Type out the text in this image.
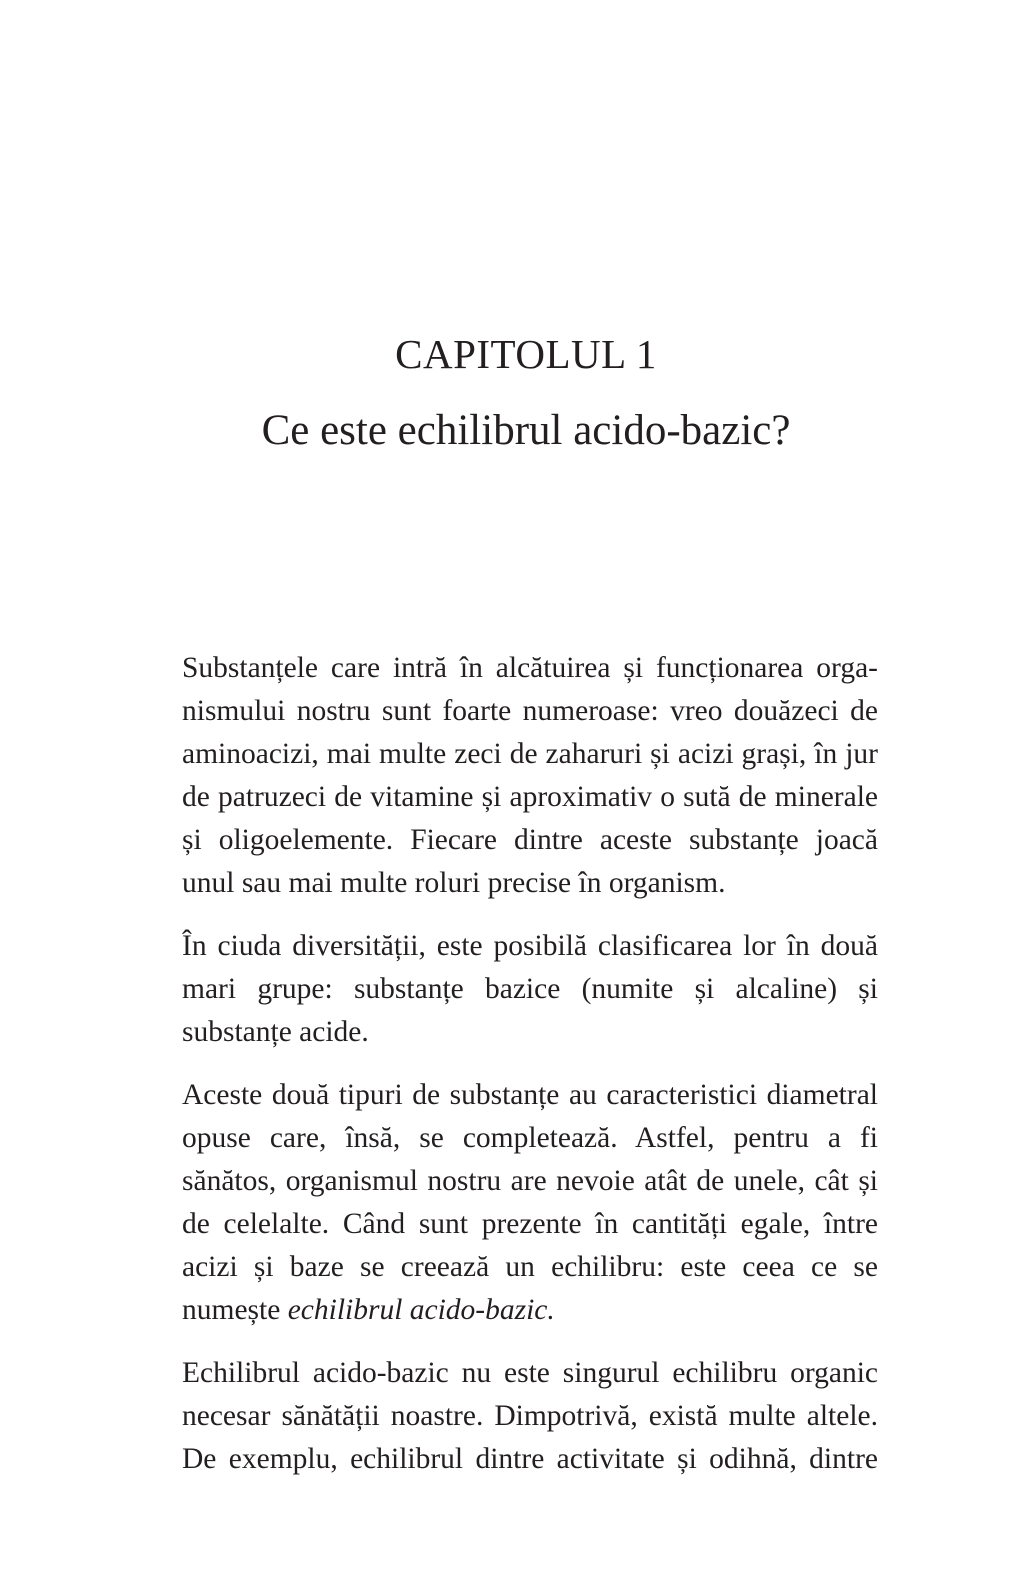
CAPITOLUL 1
Ce este echilibrul acido-bazic?

Substanțele care intră în alcătuirea și funcționarea organismului nostru sunt foarte numeroase: vreo douăzeci de aminoacizi, mai multe zeci de zaharuri și acizi grași, în jur de patruzeci de vitamine și aproximativ o sută de minerale și oligoelemente. Fiecare dintre aceste substanțe joacă unul sau mai multe roluri precise în organism.

În ciuda diversității, este posibilă clasificarea lor în două mari grupe: substanțe bazice (numite și alcaline) și substanțe acide.

Aceste două tipuri de substanțe au caracteristici diametral opuse care, însă, se completează. Astfel, pentru a fi sănătos, organismul nostru are nevoie atât de unele, cât și de celelalte. Când sunt prezente în cantități egale, între acizi și baze se creează un echilibru: este ceea ce se numește echilibrul acido-bazic.

Echilibrul acido-bazic nu este singurul echilibru organic necesar sănătății noastre. Dimpotrivă, există multe altele. De exemplu, echilibrul dintre activitate și odihnă, dintre
